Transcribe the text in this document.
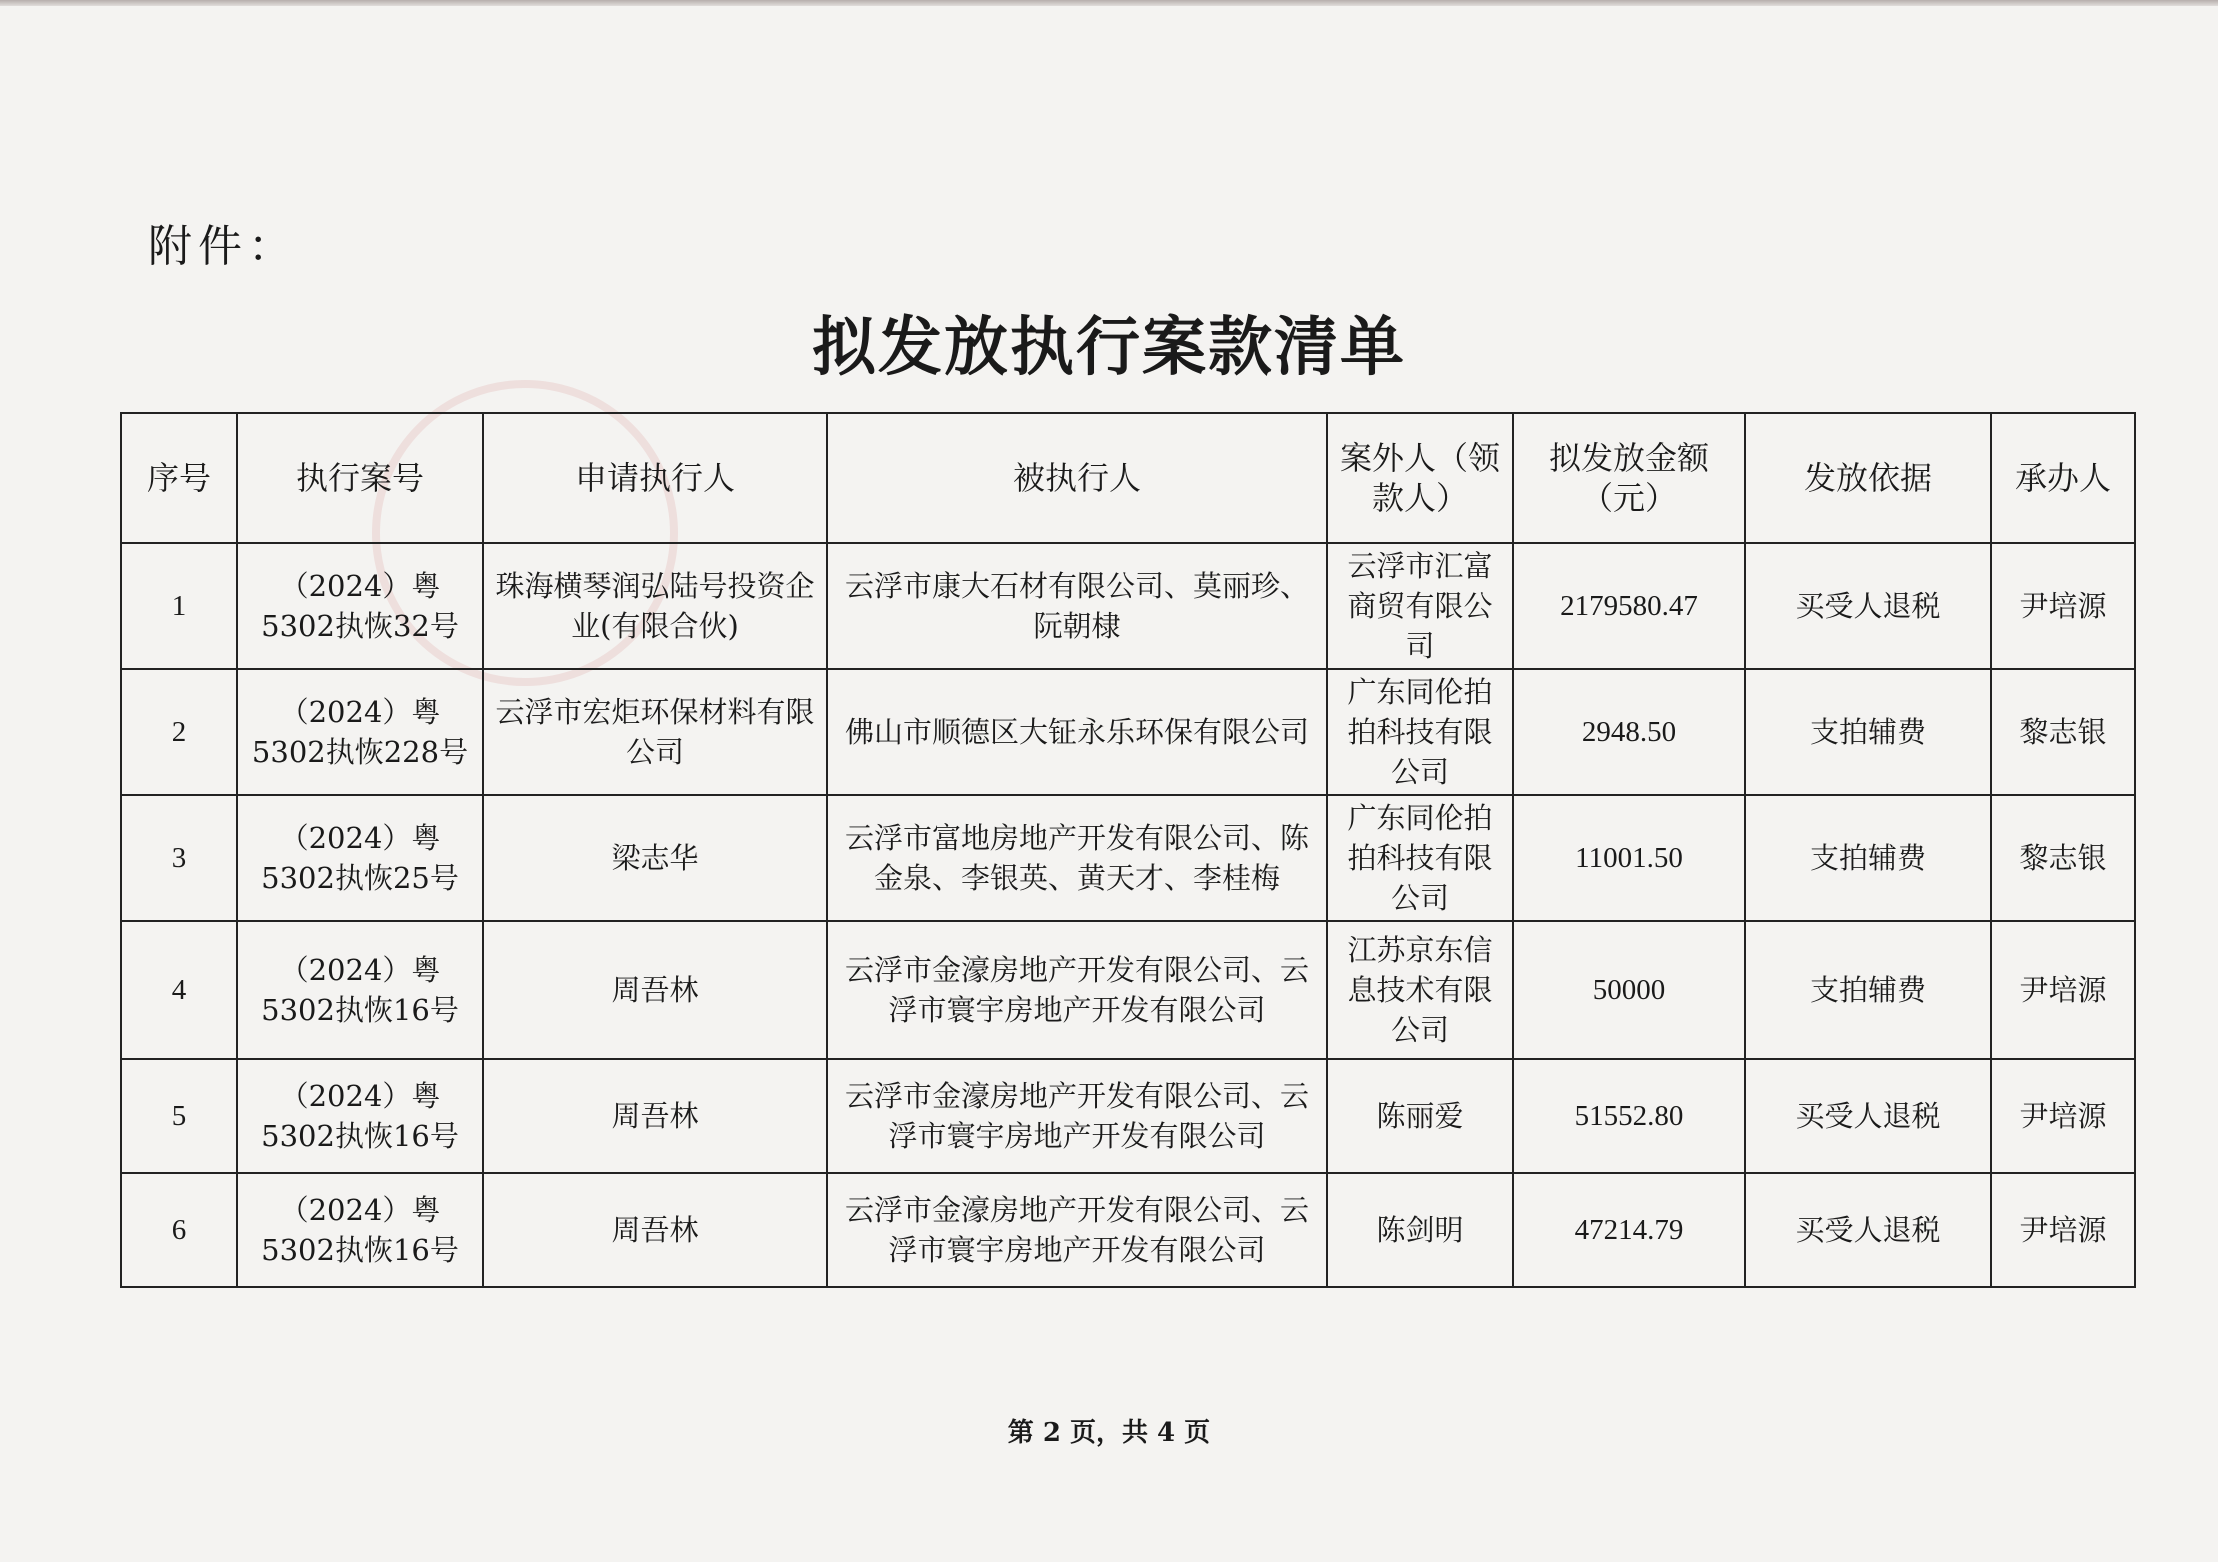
附件：
拟发放执行案款清单
序号	执行案号	申请执行人	被执行人	案外人（领款人）	拟发放金额（元）	发放依据	承办人
1	（2024）粤5302执恢32号	珠海横琴润弘陆号投资企业(有限合伙)	云浮市康大石材有限公司、莫丽珍、阮朝棣	云浮市汇富商贸有限公司	2179580.47	买受人退税	尹培源
2	（2024）粤5302执恢228号	云浮市宏炬环保材料有限公司	佛山市顺德区大钲永乐环保有限公司	广东同伦拍拍科技有限公司	2948.50	支拍辅费	黎志银
3	（2024）粤5302执恢25号	梁志华	云浮市富地房地产开发有限公司、陈金泉、李银英、黄天才、李桂梅	广东同伦拍拍科技有限公司	11001.50	支拍辅费	黎志银
4	（2024）粤5302执恢16号	周吾林	云浮市金濠房地产开发有限公司、云浮市寰宇房地产开发有限公司	江苏京东信息技术有限公司	50000	支拍辅费	尹培源
5	（2024）粤5302执恢16号	周吾林	云浮市金濠房地产开发有限公司、云浮市寰宇房地产开发有限公司	陈丽爱	51552.80	买受人退税	尹培源
6	（2024）粤5302执恢16号	周吾林	云浮市金濠房地产开发有限公司、云浮市寰宇房地产开发有限公司	陈剑明	47214.79	买受人退税	尹培源
第 2 页，共 4 页
